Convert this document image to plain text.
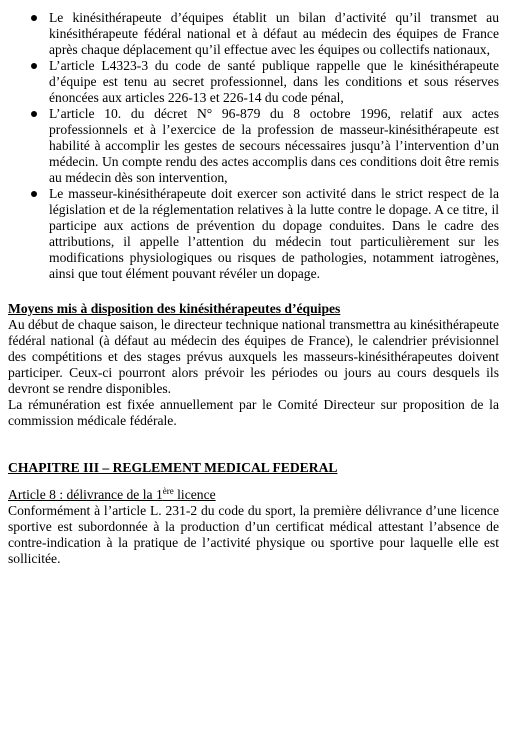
Le kinésithérapeute d’équipes établit un bilan d’activité qu’il transmet au kinésithérapeute fédéral national et à défaut au médecin des équipes de France après chaque déplacement qu’il effectue avec les équipes ou collectifs nationaux,
L’article L4323-3 du code de santé publique rappelle que le kinésithérapeute d’équipe est tenu au secret professionnel, dans les conditions et sous réserves énoncées aux articles 226-13 et 226-14 du code pénal,
L’article 10. du décret N° 96-879 du 8 octobre 1996, relatif aux actes professionnels et à l’exercice de la profession de masseur-kinésithérapeute est habilité à accomplir les gestes de secours nécessaires jusqu’à l’intervention d’un médecin. Un compte rendu des actes accomplis dans ces conditions doit être remis au médecin dès son intervention,
Le masseur-kinésithérapeute doit exercer son activité dans le strict respect de la législation et de la réglementation relatives à la lutte contre le dopage. A ce titre, il participe aux actions de prévention du dopage conduites. Dans le cadre des attributions, il appelle l’attention du médecin tout particulièrement sur les modifications physiologiques ou risques de pathologies, notamment iatrogènes, ainsi que tout élément pouvant révéler un dopage.
Moyens mis à disposition des kinésithérapeutes d’équipes

Au début de chaque saison, le directeur technique national transmettra au kinésithérapeute fédéral national (à défaut au médecin des équipes de France), le calendrier prévisionnel des compétitions et des stages prévus auxquels les masseurs-kinésithérapeutes doivent participer. Ceux-ci pourront alors prévoir les périodes ou jours au cours desquels ils devront se rendre disponibles.

La rémunération est fixée annuellement par le Comité Directeur sur proposition de la commission médicale fédérale.

CHAPITRE III – REGLEMENT MEDICAL FEDERAL
Article 8 : délivrance de la 1ère licence

Conformément à l’article L. 231-2 du code du sport, la première délivrance d’une licence sportive est subordonnée à la production d’un certificat médical attestant l’absence de contre-indication à la pratique de l’activité physique ou sportive pour laquelle elle est sollicitée.
